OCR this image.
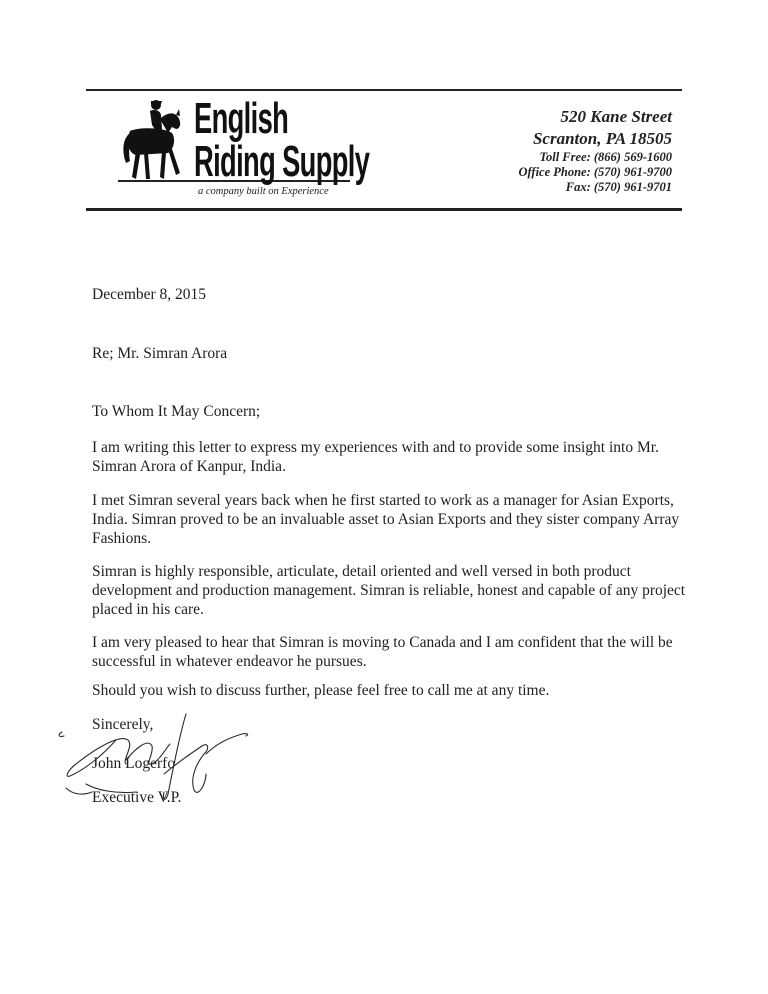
English
Riding Supply
a company built on Experience
520 Kane Street
Scranton, PA 18505
Toll Free: (866) 569-1600
Office Phone: (570) 961-9700
Fax: (570) 961-9701
December 8, 2015
Re; Mr. Simran Arora
To Whom It May Concern;
I am writing this letter to express my experiences with and to provide some insight into Mr. Simran Arora of Kanpur, India.
I met Simran several years back when he first started to work as a manager for Asian Exports, India. Simran proved to be an invaluable asset to Asian Exports and they sister company Array Fashions.
Simran is highly responsible, articulate, detail oriented and well versed in both product development and production management. Simran is reliable, honest and capable of any project placed in his care.
I am very pleased to hear that Simran is moving to Canada and I am confident that the will be successful in whatever endeavor he pursues.
Should you wish to discuss further, please feel free to call me at any time.
Sincerely,
John Logerfo
Executive V.P.
